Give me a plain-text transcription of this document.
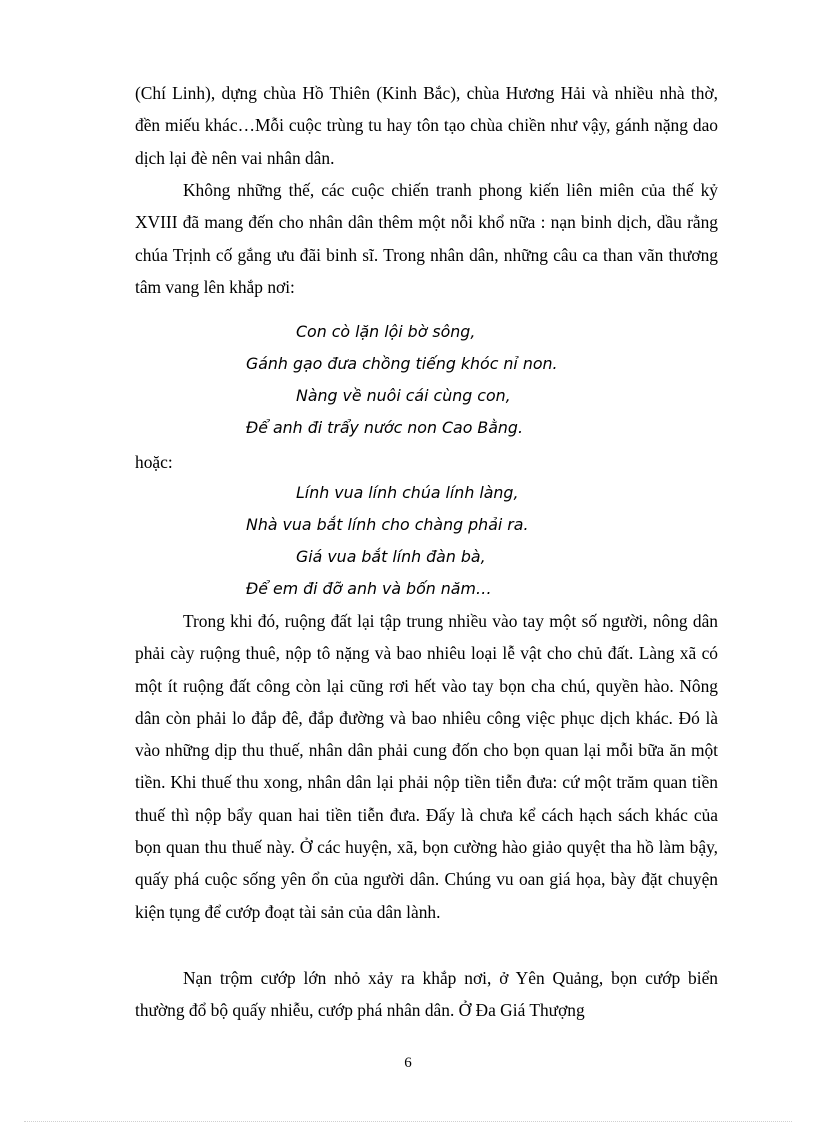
(Chí Linh), dựng chùa Hồ Thiên (Kinh Bắc), chùa Hương Hải và nhiều nhà thờ, đền miếu khác…Mỗi cuộc trùng tu hay tôn tạo chùa chiền như vậy, gánh nặng dao dịch lại đè nên vai nhân dân.

Không những thế, các cuộc chiến tranh phong kiến liên miên của thế kỷ XVIII đã mang đến cho nhân dân thêm một nỗi khổ nữa : nạn binh dịch, dầu rằng chúa Trịnh cố gắng ưu đãi binh sĩ. Trong nhân dân, những câu ca than vãn thương tâm vang lên khắp nơi:

Con cò lặn lội bờ sông,
Gánh gạo đưa chồng tiếng khóc nỉ non.
Nàng về nuôi cái cùng con,
Để anh đi trẩy nước non Cao Bằng.

hoặc:

Lính vua lính chúa lính làng,
Nhà vua bắt lính cho chàng phải ra.
Giá vua bắt lính đàn bà,
Để em đi đỡ anh và bốn năm…

Trong khi đó, ruộng đất lại tập trung nhiều vào tay một số người, nông dân phải cày ruộng thuê, nộp tô nặng và bao nhiêu loại lễ vật cho chủ đất. Làng xã có một ít ruộng đất công còn lại cũng rơi hết vào tay bọn cha chú, quyền hào. Nông dân còn phải lo đắp đê, đắp đường và bao nhiêu công việc phục dịch khác. Đó là vào những dịp thu thuế, nhân dân phải cung đốn cho bọn quan lại mỗi bữa ăn một tiền. Khi thuế thu xong, nhân dân lại phải nộp tiền tiễn đưa: cứ một trăm quan tiền thuế thì nộp bẩy quan hai tiền tiễn đưa. Đấy là chưa kể cách hạch sách khác của bọn quan thu thuế này. Ở các huyện, xã, bọn cường hào giảo quyệt tha hồ làm bậy, quấy phá cuộc sống yên ổn của người dân. Chúng vu oan giá họa, bày đặt chuyện kiện tụng để cướp đoạt tài sản của dân lành.

Nạn trộm cướp lớn nhỏ xảy ra khắp nơi, ở Yên Quảng, bọn cướp biển thường đổ bộ quấy nhiễu, cướp phá nhân dân. Ở Đa Giá Thượng

6
